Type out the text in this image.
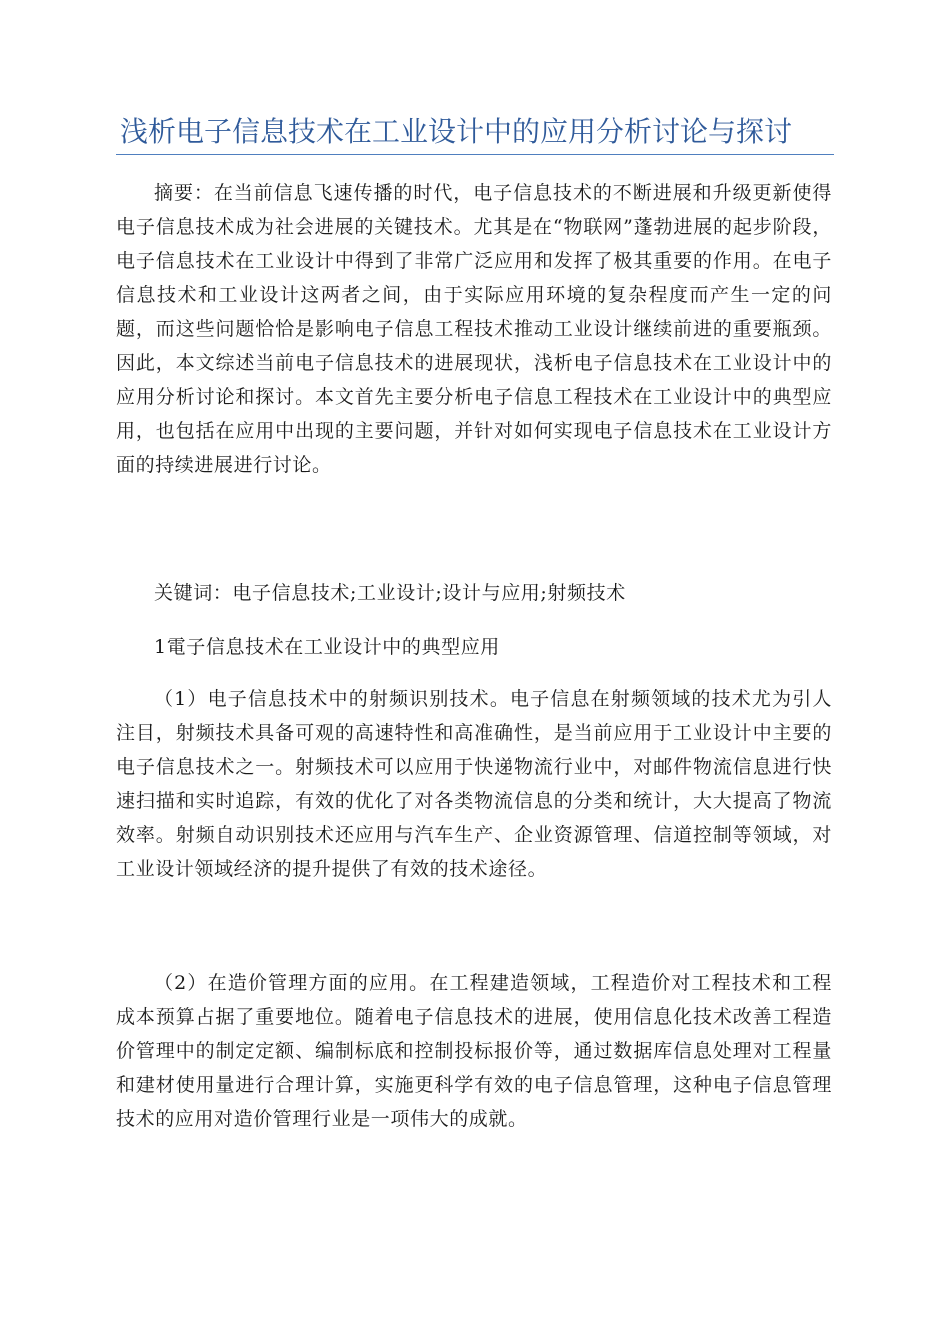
浅析电子信息技术在工业设计中的应用分析讨论与探讨

摘要：在当前信息飞速传播的时代，电子信息技术的不断进展和升级更新使得电子信息技术成为社会进展的关键技术。尤其是在“物联网”蓬勃进展的起步阶段，电子信息技术在工业设计中得到了非常广泛应用和发挥了极其重要的作用。在电子信息技术和工业设计这两者之间，由于实际应用环境的复杂程度而产生一定的问题，而这些问题恰恰是影响电子信息工程技术推动工业设计继续前进的重要瓶颈。因此，本文综述当前电子信息技术的进展现状，浅析电子信息技术在工业设计中的应用分析讨论和探讨。本文首先主要分析电子信息工程技术在工业设计中的典型应用，也包括在应用中出现的主要问题，并针对如何实现电子信息技术在工业设计方面的持续进展进行讨论。

关键词：电子信息技术;工业设计;设计与应用;射频技术

1電子信息技术在工业设计中的典型应用

（1）电子信息技术中的射频识别技术。电子信息在射频领域的技术尤为引人注目，射频技术具备可观的高速特性和高准确性，是当前应用于工业设计中主要的电子信息技术之一。射频技术可以应用于快递物流行业中，对邮件物流信息进行快速扫描和实时追踪，有效的优化了对各类物流信息的分类和统计，大大提高了物流效率。射频自动识别技术还应用与汽车生产、企业资源管理、信道控制等领域，对工业设计领域经济的提升提供了有效的技术途径。

（2）在造价管理方面的应用。在工程建造领域，工程造价对工程技术和工程成本预算占据了重要地位。随着电子信息技术的进展，使用信息化技术改善工程造价管理中的制定定额、编制标底和控制投标报价等，通过数据库信息处理对工程量和建材使用量进行合理计算，实施更科学有效的电子信息管理，这种电子信息管理技术的应用对造价管理行业是一项伟大的成就。
